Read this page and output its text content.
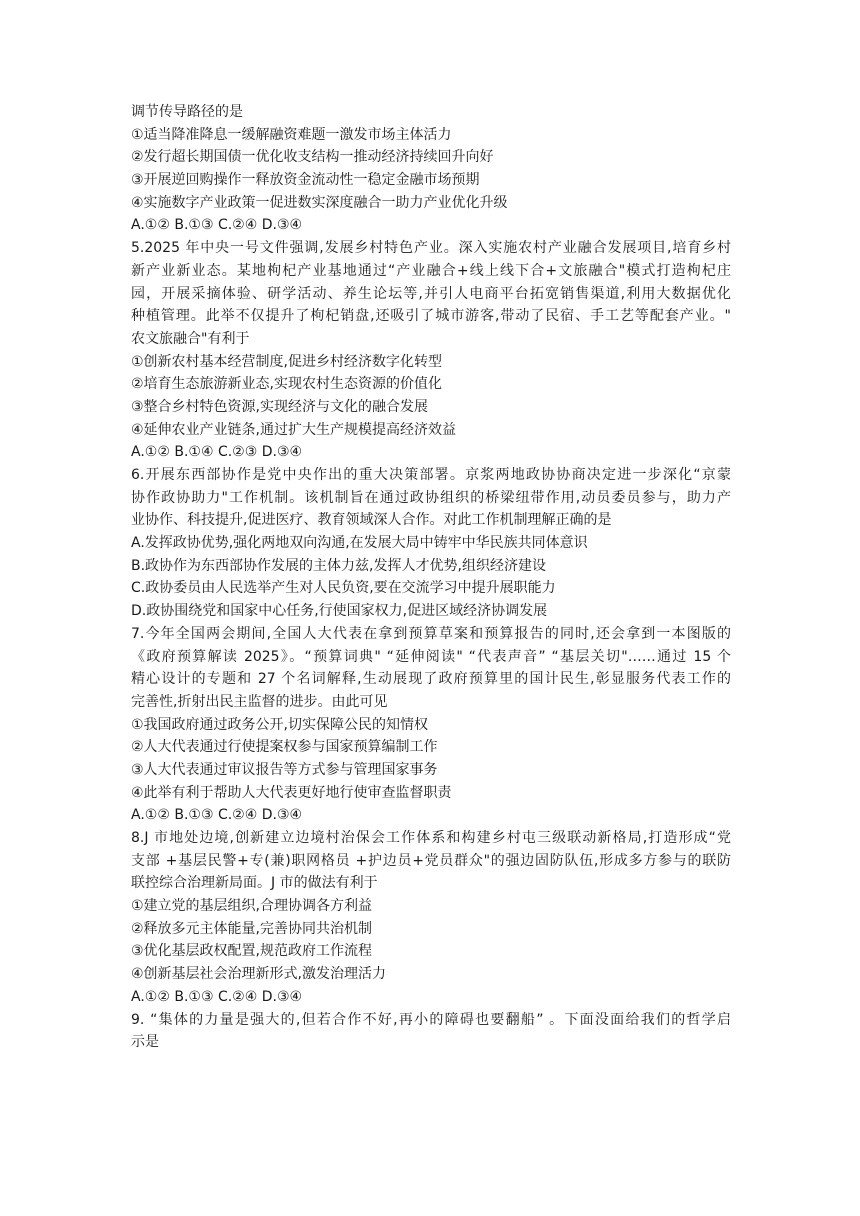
调节传导路径的是
①适当降准降息一缓解融资难题一激发市场主体活力
②发行超长期国债一优化收支结构一推动经济持续回升向好
③开展逆回购操作一释放资金流动性一稳定金融市场预期
④实施数字产业政策一促进数实深度融合一助力产业优化升级
A.①② B.①③ C.②④ D.③④
5.2025 年中央一号文件强调,发展乡村特色产业。深入实施农村产业融合发展项目,培育乡村
新产业新业态。某地枸杞产业基地通过“产业融合+线上线下合+文旅融合"模式打造枸杞庄
园，开展采摘体验、研学活动、养生论坛等,并引人电商平台拓宽销售渠道,利用大数据优化
种植管理。此举不仅提升了枸杞销盘,还吸引了城市游客,带动了民宿、手工艺等配套产业。"
农文旅融合"有利于
①创新农村基本经营制度,促进乡村经济数字化转型
②培育生态旅游新业态,实现农村生态资源的价值化
③整合乡村特色资源,实现经济与文化的融合发展
④延伸农业产业链条,通过扩大生产规模提高经济效益
A.①② B.①④ C.②③ D.③④
6.开展东西部协作是党中央作出的重大决策部署。京浆两地政协协商决定进一步深化“京蒙
协作政协助力"工作机制。该机制旨在通过政协组织的桥梁纽带作用,动员委员参与，助力产
业协作、科技提升,促进医疗、教育领域深人合作。对此工作机制理解正确的是
A.发挥政协优势,强化两地双向沟通,在发展大局中铸牢中华民族共同体意识
B.政协作为东西部协作发展的主体力兹,发挥人才优势,组织经济建设
C.政协委员由人民选举产生对人民负资,要在交流学习中提升展职能力
D.政协围绕党和国家中心任务,行使国家权力,促进区域经济协调发展
7.今年全国两会期间,全国人大代表在拿到预算草案和预算报告的同时,还会拿到一本图版的
《政府预算解读 2025》。“预算词典" “延伸阅读" “代表声音” “基层关切"……通过 15 个
精心设计的专题和 27 个名词解释,生动展现了政府预算里的国计民生,彰显服务代表工作的
完善性,折射出民主监督的进步。由此可见
①我国政府通过政务公开,切实保障公民的知情权
②人大代表通过行使提案权参与国家预算编制工作
③人大代表通过审议报告等方式参与管理国家事务
④此举有利于帮助人大代表更好地行使审查监督职责
A.①② B.①③ C.②④ D.③④
8.J 市地处边境,创新建立边境村治保会工作体系和构建乡村屯三级联动新格局,打造形成“党
支部 +基层民警+专(兼)职网格员 +护边员+党员群众"的强边固防队伍,形成多方参与的联防
联控综合治理新局面。J 市的做法有利于
①建立党的基层组织,合理协调各方利益
②释放多元主体能量,完善协同共治机制
③优化基层政权配置,规范政府工作流程
④创新基层社会治理新形式,激发治理活力
A.①② B.①③ C.②④ D.③④
9. “集体的力量是强大的,但若合作不好,再小的障碍也要翻船” 。下面没面给我们的哲学启
示是
